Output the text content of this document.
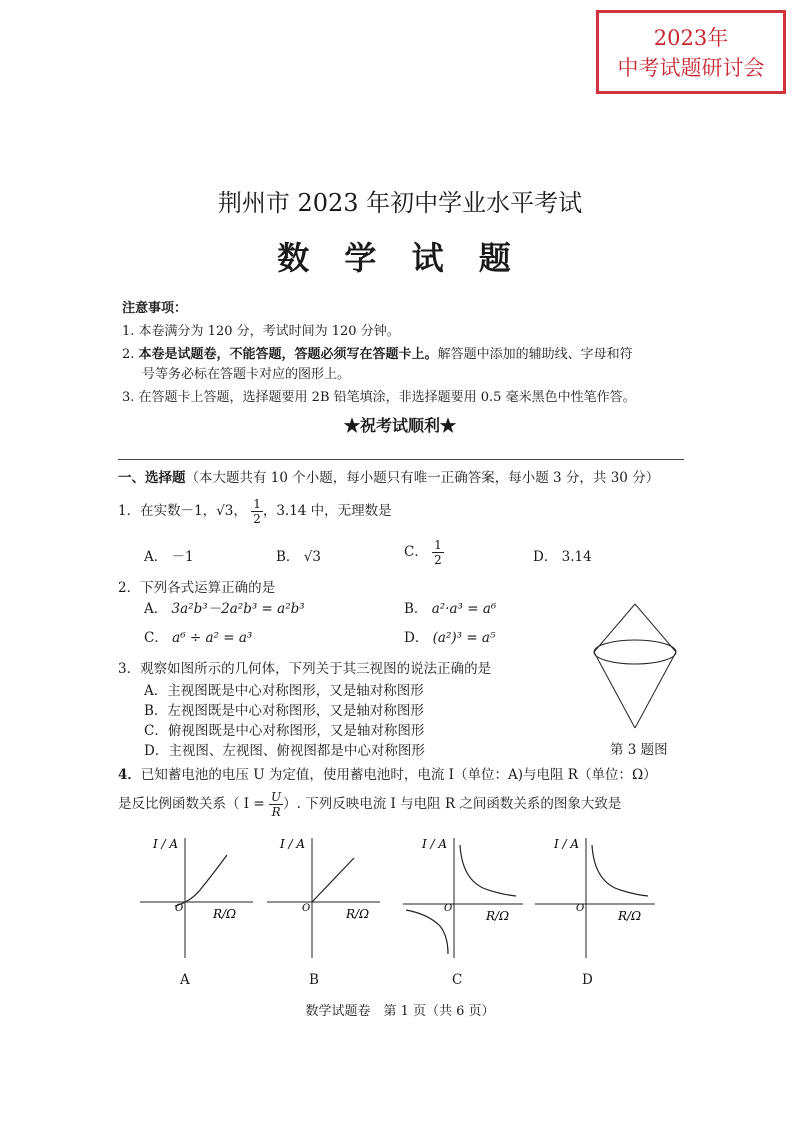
2023年
中考试题研讨会
荆州市 2023 年初中学业水平考试
数 学 试 题
注意事项：
1. 本卷满分为 120 分，考试时间为 120 分钟。
2. 本卷是试题卷，不能答题，答题必须写在答题卡上。解答题中添加的辅助线、字母和符
号等务必标在答题卡对应的图形上。
3. 在答题卡上答题，选择题要用 2B 铅笔填涂，非选择题要用 0.5 毫米黑色中性笔作答。
★祝考试顺利★
一、选择题（本大题共有 10 个小题，每小题只有唯一正确答案，每小题 3 分，共 30 分）
1．在实数－1，√3， $\frac{1}{2}$ ，3.14 中，无理数是
A． －1	B． √3	C． $\frac{1}{2}$	D． 3.14
2．下列各式运算正确的是
A． 3a²b³－2a²b³ = a²b³	B． a²·a³ = a⁶
C． a⁶ ÷ a² = a³	D． (a²)³ = a⁵
3．观察如图所示的几何体，下列关于其三视图的说法正确的是
A．主视图既是中心对称图形，又是轴对称图形
B．左视图既是中心对称图形，又是轴对称图形
C．俯视图既是中心对称图形，又是轴对称图形
D．主视图、左视图、俯视图都是中心对称图形	第 3 题图
4．已知蓄电池的电压 U 为定值，使用蓄电池时，电流 I（单位：A)与电阻 R（单位：Ω）
是反比例函数关系（ $I = \frac{U}{R}$ ）. 下列反映电流 I 与电阻 R 之间函数关系的图象大致是
I / A
R/Ω
O
I / A
R/Ω
O
I / A
R/Ω
O
I / A
R/Ω
O
A	B	C	D
数学试题卷　第 1 页（共 6 页）
